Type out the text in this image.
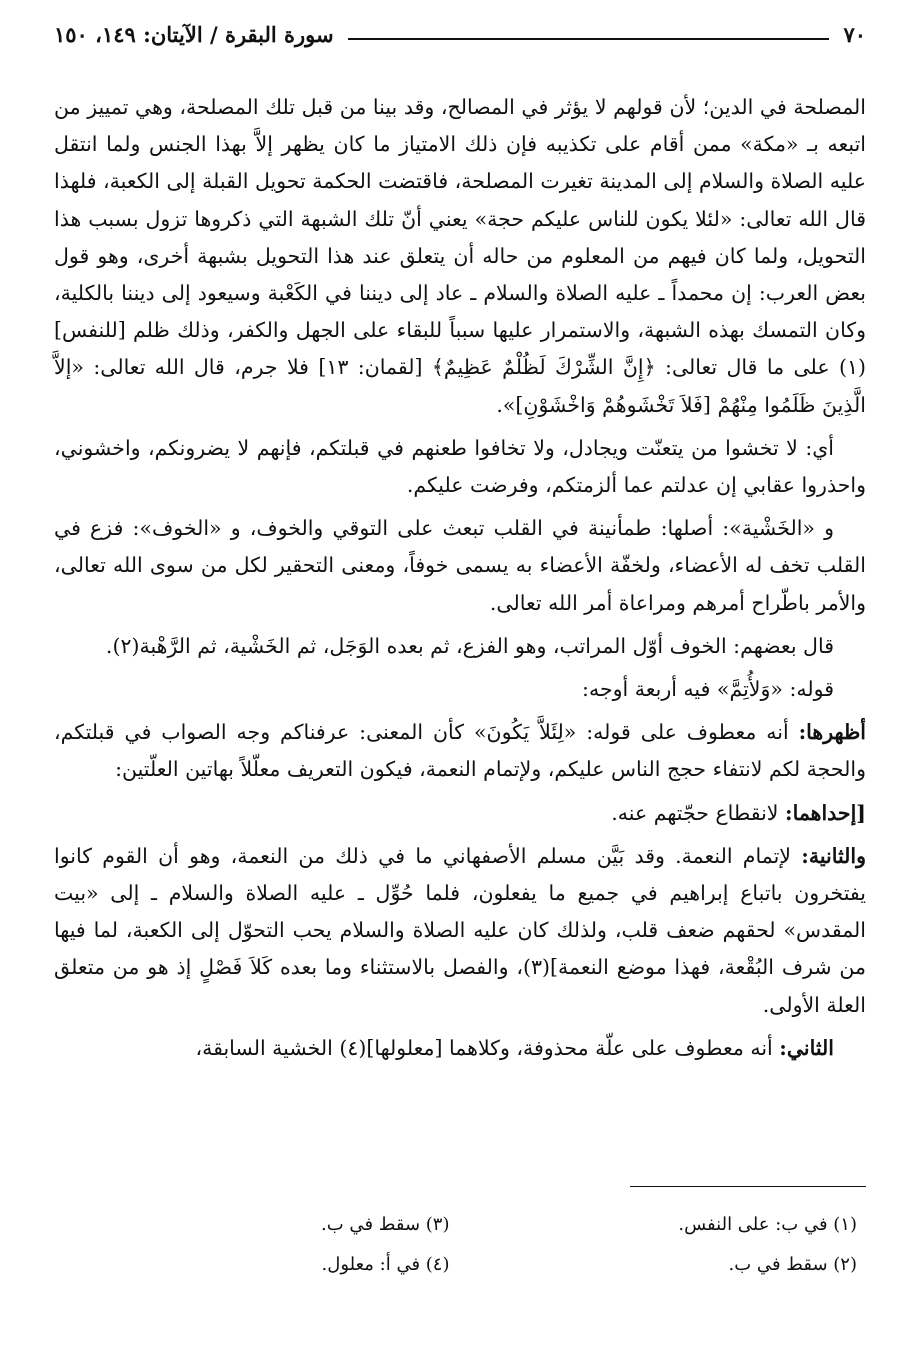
٧٠
سورة البقرة / الآيتان: ١٤٩، ١٥٠

المصلحة في الدين؛ لأن قولهم لا يؤثر في المصالح، وقد بينا من قبل تلك المصلحة، وهي تمييز من اتبعه بـ «مكة» ممن أقام على تكذيبه فإن ذلك الامتياز ما كان يظهر إلاَّ بهذا الجنس ولما انتقل عليه الصلاة والسلام إلى المدينة تغيرت المصلحة، فاقتضت الحكمة تحويل القبلة إلى الكعبة، فلهذا قال الله تعالى: «لئلا يكون للناس عليكم حجة» يعني أنّ تلك الشبهة التي ذكروها تزول بسبب هذا التحويل، ولما كان فيهم من المعلوم من حاله أن يتعلق عند هذا التحويل بشبهة أخرى، وهو قول بعض العرب: إن محمداً ـ عليه الصلاة والسلام ـ عاد إلى ديننا في الكَعْبة وسيعود إلى ديننا بالكلية، وكان التمسك بهذه الشبهة، والاستمرار عليها سبباً للبقاء على الجهل والكفر، وذلك ظلم [للنفس](١) على ما قال تعالى: ﴿إِنَّ الشِّرْكَ لَظُلْمٌ عَظِيمٌ﴾ [لقمان: ١٣] فلا جرم، قال الله تعالى: «إلاَّ الَّذِينَ ظَلَمُوا مِنْهُمْ [فَلاَ تَخْشَوهُمْ وَاخْشَوْنِ]».

أي: لا تخشوا من يتعنّت ويجادل، ولا تخافوا طعنهم في قبلتكم، فإنهم لا يضرونكم، واخشوني، واحذروا عقابي إن عدلتم عما ألزمتكم، وفرضت عليكم.

و «الخَشْية»: أصلها: طمأنينة في القلب تبعث على التوقي والخوف، و «الخوف»: فزع في القلب تخف له الأعضاء، ولخفّة الأعضاء به يسمى خوفاً، ومعنى التحقير لكل من سوى الله تعالى، والأمر باطّراح أمرهم ومراعاة أمر الله تعالى.

قال بعضهم: الخوف أوّل المراتب، وهو الفزع، ثم بعده الوَجَل، ثم الخَشْية، ثم الرَّهْبة(٢).

قوله: «وَلأُتِمَّ» فيه أربعة أوجه:

أظهرها: أنه معطوف على قوله: «لِئَلاَّ يَكُونَ» كأن المعنى: عرفناكم وجه الصواب في قبلتكم، والحجة لكم لانتفاء حجج الناس عليكم، ولإتمام النعمة، فيكون التعريف معلّلاً بهاتين العلّتين:

[إحداهما: لانقطاع حجّتهم عنه.

والثانية: لإتمام النعمة. وقد بَيَّن مسلم الأصفهاني ما في ذلك من النعمة، وهو أن القوم كانوا يفتخرون باتباع إبراهيم في جميع ما يفعلون، فلما حُوِّل ـ عليه الصلاة والسلام ـ إلى «بيت المقدس» لحقهم ضعف قلب، ولذلك كان عليه الصلاة والسلام يحب التحوّل إلى الكعبة، لما فيها من شرف البُقْعة، فهذا موضع النعمة](٣)، والفصل بالاستثناء وما بعده كَلاَ فَصْلٍ إذ هو من متعلق العلة الأولى.

الثاني: أنه معطوف على علّة محذوفة، وكلاهما [معلولها](٤) الخشية السابقة،

(١) في ب: على النفس.
(٣) سقط في ب.
(٢) سقط في ب.
(٤) في أ: معلول.
